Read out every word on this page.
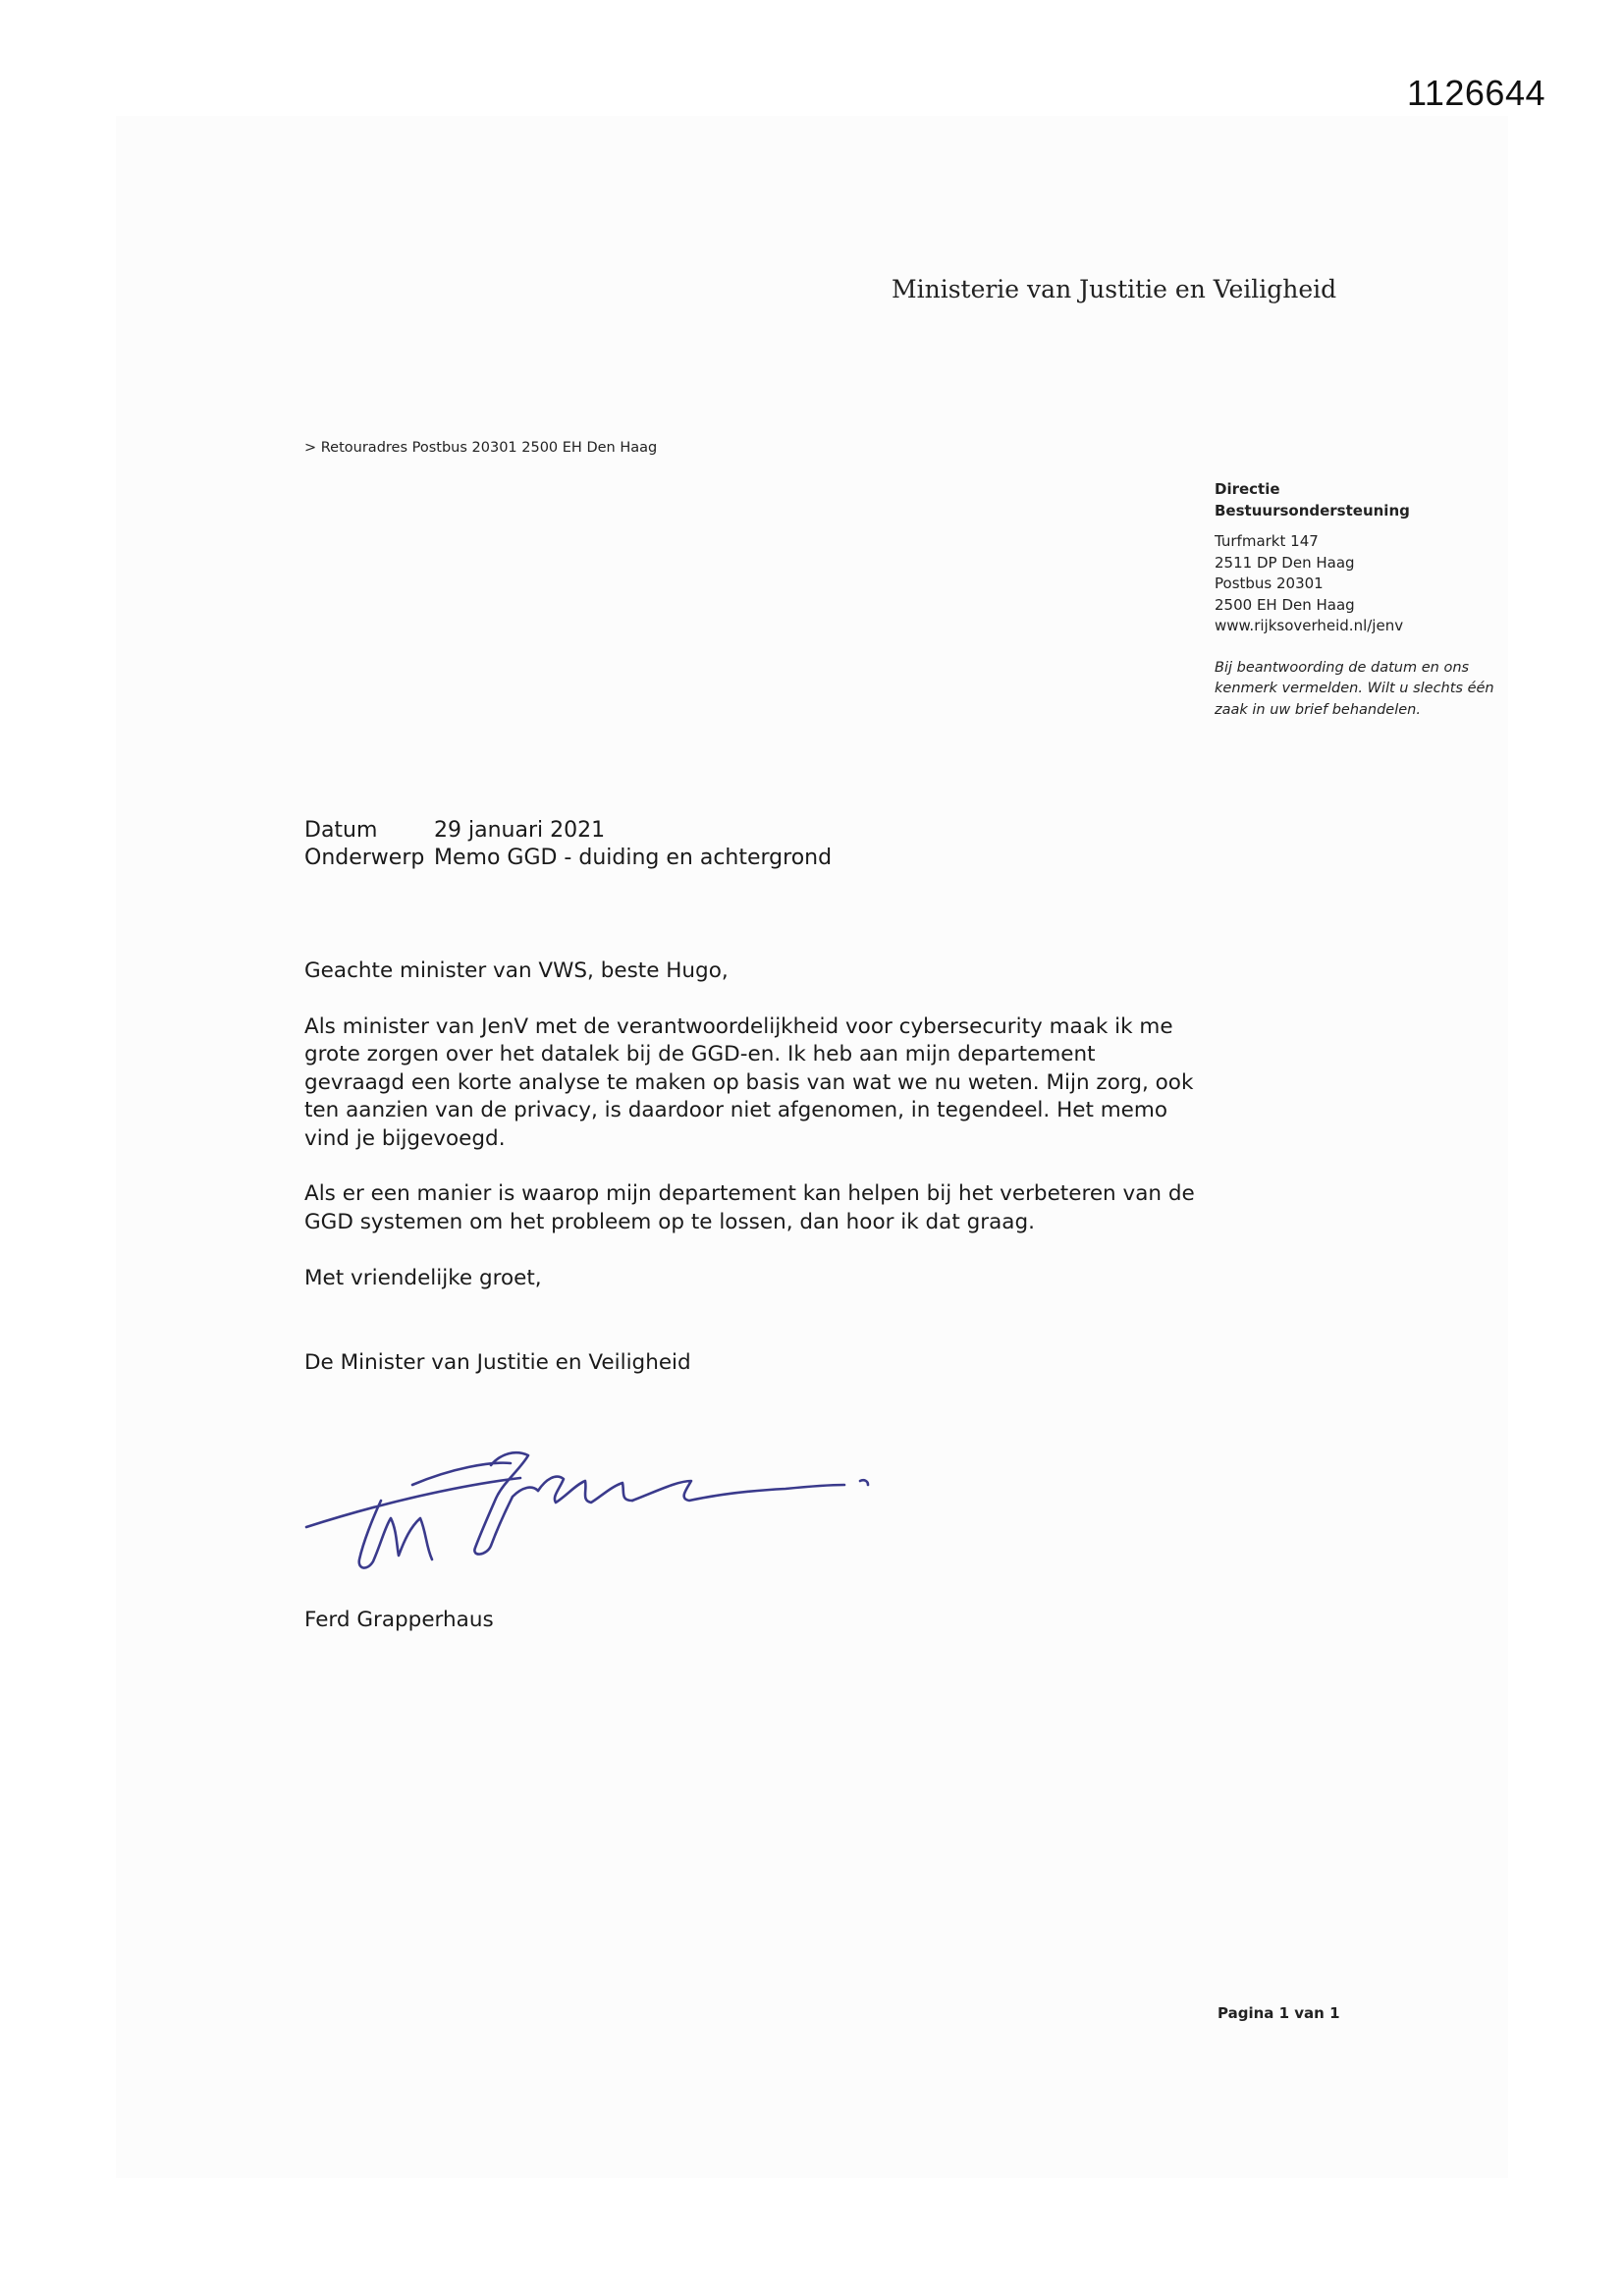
1126644
Ministerie van Justitie en Veiligheid
> Retouradres Postbus 20301 2500 EH Den Haag
Directie
Bestuursondersteuning
Turfmarkt 147
2511 DP Den Haag
Postbus 20301
2500 EH Den Haag
www.rijksoverheid.nl/jenv
Bij beantwoording de datum en ons kenmerk vermelden. Wilt u slechts één zaak in uw brief behandelen.
Datum	29 januari 2021
Onderwerp Memo GGD - duiding en achtergrond

Geachte minister van VWS, beste Hugo,

Als minister van JenV met de verantwoordelijkheid voor cybersecurity maak ik me grote zorgen over het datalek bij de GGD-en. Ik heb aan mijn departement gevraagd een korte analyse te maken op basis van wat we nu weten. Mijn zorg, ook ten aanzien van de privacy, is daardoor niet afgenomen, in tegendeel. Het memo vind je bijgevoegd.

Als er een manier is waarop mijn departement kan helpen bij het verbeteren van de GGD systemen om het probleem op te lossen, dan hoor ik dat graag.

Met vriendelijke groet,

De Minister van Justitie en Veiligheid

Ferd Grapperhaus
Pagina 1 van 1
